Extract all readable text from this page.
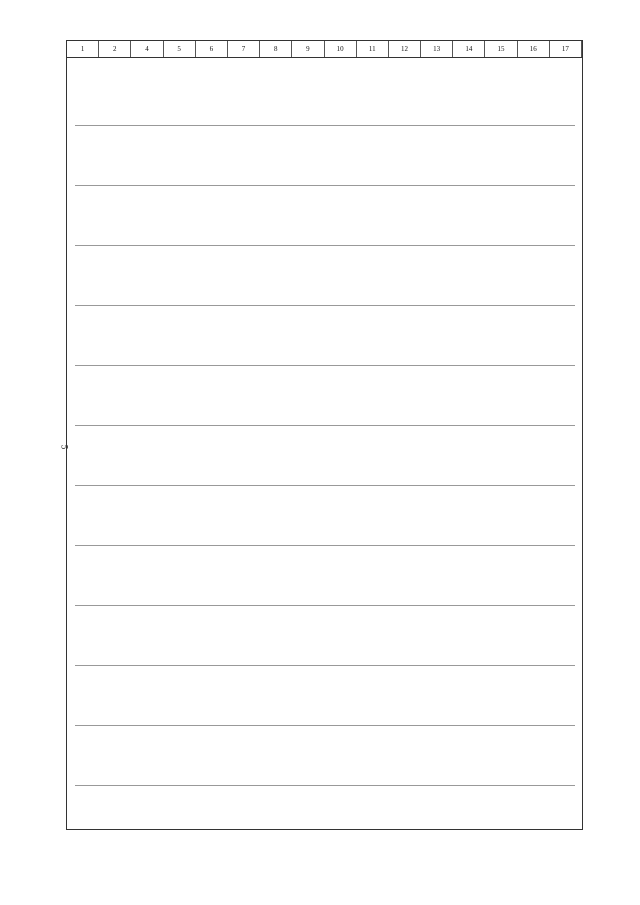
5
1	2	4	5	6	7	8	9	10	11	12	13	14	15	16	17
